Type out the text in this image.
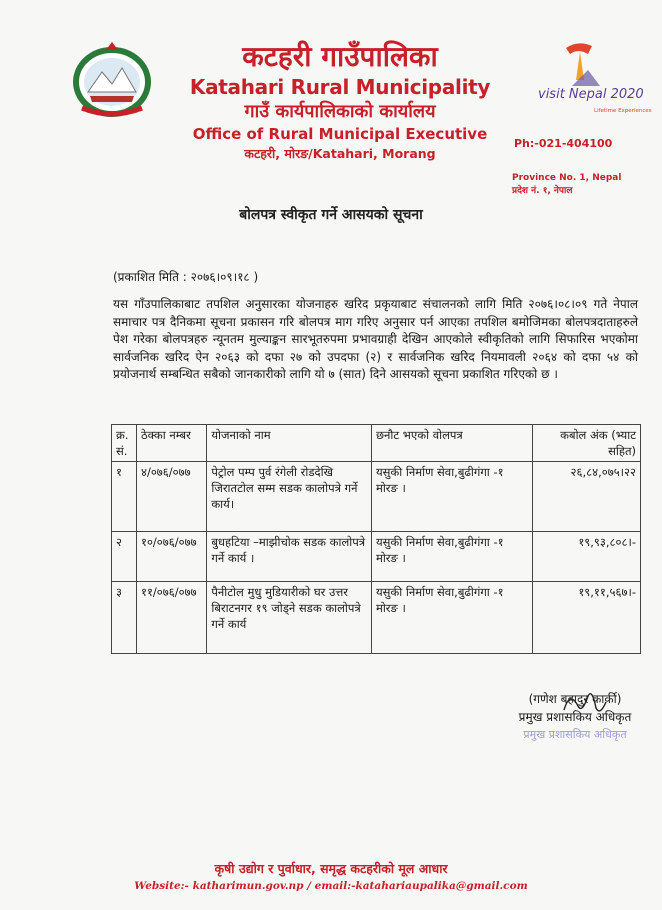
कटहरी गाउँपालिका
Katahari Rural Municipality
गाउँ कार्यपालिकाको कार्यालय
Office of Rural Municipal Executive
कटहरी, मोरङ/Katahari, Morang
visit Nepal 2020
Lifetime Experiences
Ph:-021-404100
Province No. 1, Nepal
प्रदेश नं. १, नेपाल
बोलपत्र स्वीकृत गर्ने आसयको सूचना
(प्रकाशित मिति : २०७६।०९।१८ )
यस गाँउपालिकाबाट तपशिल अनुसारका योजनाहरु खरिद प्रकृयाबाट संचालनको लागि मिति २०७६।०८।०९ गते नेपाल समाचार पत्र दैनिकमा सूचना प्रकासन गरि बोलपत्र माग गरिए अनुसार पर्न आएका तपशिल बमोजिमका बोलपत्रदाताहरुले पेश गरेका बोलपत्रहरु न्यूनतम मुल्याङ्कन सारभूतरुपमा प्रभावग्राही देखिन आएकोले स्वीकृतिको लागि सिफारिस भएकोमा सार्वजनिक खरिद ऐन २०६३ को दफा २७ को उपदफा (२) र सार्वजनिक खरिद नियमावली २०६४ को दफा ५४ को प्रयोजनार्थ सम्बन्धित सबैको जानकारीको लागि यो ७ (सात) दिने आसयको सूचना प्रकाशित गरिएको छ ।
क्र. सं.	ठेक्का नम्बर	योजनाको नाम	छनौट भएको वोलपत्र	कबोल अंक (भ्याट सहित)
१	४/०७६/०७७	पेट्रोल पम्प पुर्व रंगेली रोडदेखि जिरातटोल सम्म सडक कालोपत्रे गर्ने कार्य।	यसुकी निर्माण सेवा,बुढीगंगा -१ मोरङ ।	२६,८४,०७५।२२
२	१०/०७६/०७७	बुधहटिया –माझीचोक सडक कालोपत्रे गर्ने कार्य ।	यसुकी निर्माण सेवा,बुढीगंगा -१ मोरङ ।	१९,९३,८०८।-
३	११/०७६/०७७	पैनीटोल मुधु मुडियारीको घर उत्तर बिराटनगर १९ जोड्ने सडक कालोपत्रे गर्ने कार्य	यसुकी निर्माण सेवा,बुढीगंगा -१ मोरङ ।	१९,११,५६७।-
(गणेश बहादुर कार्की)
प्रमुख प्रशासकिय अधिकृत
प्रमुख प्रशासकिय अधिकृत
कृषी उद्योग र पुर्वाधार, समृद्ध कटहरीको मूल आधार
Website:- katharimun.gov.np / email:-katahariaupalika@gmail.com
